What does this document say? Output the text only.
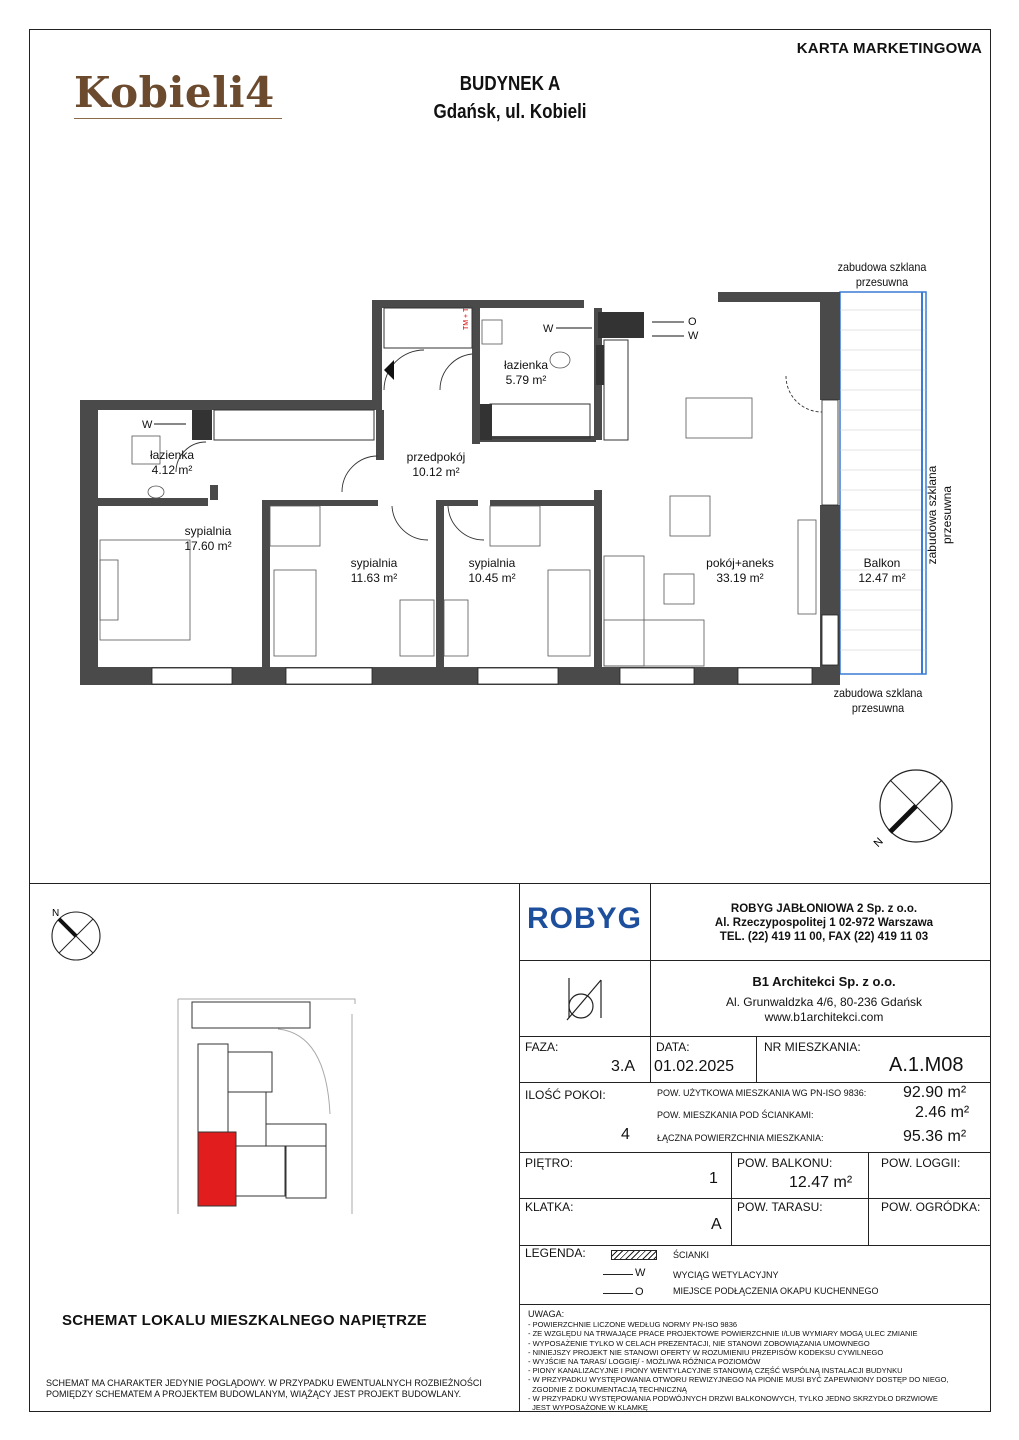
KARTA MARKETINGOWA
Kobieli4	BUDYNEK A
Gdańsk, ul. Kobieli
W
W
O
W
TM + T
N
zabudowa szklana
przesuwna
zabudowa szklana
przesuwna
zabudowa szklana przesuwna
łazienka
5.79 m²
łazienka
4.12 m²
przedpokój
10.12 m²
sypialnia
17.60 m²
sypialnia
11.63 m²
sypialnia
10.45 m²
pokój+aneks
33.19 m²
Balkon
12.47 m²
N
SCHEMAT LOKALU MIESZKALNEGO NAPIĘTRZE
SCHEMAT MA CHARAKTER JEDYNIE POGLĄDOWY. W PRZYPADKU EWENTUALNYCH ROZBIEŻNOŚCI POMIĘDZY SCHEMATEM A PROJEKTEM BUDOWLANYM, WIĄŻĄCY JEST PROJEKT BUDOWLANY.
ROBYG	ROBYG JABŁONIOWA 2 Sp. z o.o.
Al. Rzeczypospolitej 1 02-972 Warszawa
TEL. (22) 419 11 00, FAX (22) 419 11 03
B1 Architekci Sp. z o.o.
Al. Grunwaldzka 4/6, 80-236 Gdańsk
www.b1architekci.com
FAZA:
3.A
DATA:
01.02.2025
NR MIESZKANIA:
A.1.M08
ILOŚĆ POKOI:
4
POW. UŻYTKOWA MIESZKANIA WG PN-ISO 9836: 92.90 m²
POW. MIESZKANIA POD ŚCIANKAMI:	2.46 m²
ŁĄCZNA POWIERZCHNIA MIESZKANIA:	95.36 m²
PIĘTRO:
1
POW. BALKONU:
12.47 m²
POW. LOGGII:
KLATKA:
A
POW. TARASU:	POW. OGRÓDKA:
LEGENDA:	ŚCIANKI
W	WYCIĄG WETYLACYJNY
O	MIEJSCE PODŁĄCZENIA OKAPU KUCHENNEGO
UWAGA:
- POWIERZCHNIE LICZONE WEDŁUG NORMY PN-ISO 9836
- ZE WZGLĘDU NA TRWAJĄCE PRACE PROJEKTOWE POWIERZCHNIE I/LUB WYMIARY MOGĄ ULEC ZMIANIE
- WYPOSAŻENIE TYLKO W CELACH PREZENTACJI, NIE STANOWI ZOBOWIĄZANIA UMOWNEGO
- NINIEJSZY PROJEKT NIE STANOWI OFERTY W ROZUMIENIU PRZEPISÓW KODEKSU CYWILNEGO
- WYJŚCIE NA TARAS/ LOGGIĘ/ - MOŻLIWA RÓŻNICA POZIOMÓW
- PIONY KANALIZACYJNE I PIONY WENTYLACYJNE STANOWIĄ CZĘŚĆ WSPÓLNĄ INSTALACJI BUDYNKU
- W PRZYPADKU WYSTĘPOWANIA OTWORU REWIZYJNEGO NA PIONIE MUSI BYĆ ZAPEWNIONY DOSTĘP DO NIEGO,
ZGODNIE Z DOKUMENTACJĄ TECHNICZNĄ
- W PRZYPADKU WYSTĘPOWANIA PODWÓJNYCH DRZWI BALKONOWYCH, TYLKO JEDNO SKRZYDŁO DRZWIOWE
JEST WYPOSAŻONE W KLAMKĘ
